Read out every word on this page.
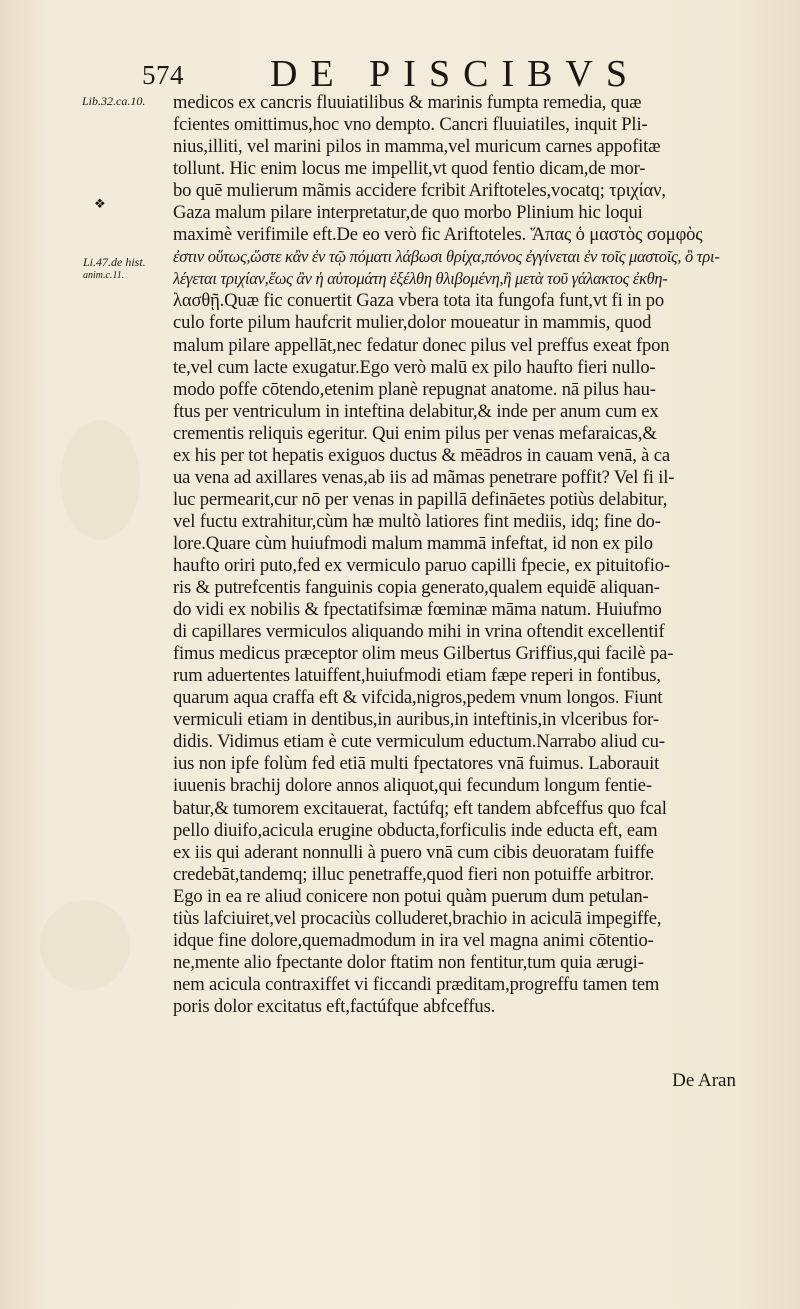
574 DE PISCIBVS
Lib.32.ca.10.
❖
Li.47.de hist.
anim.c.11.
medicos ex cancris fluuiatilibus & marinis fumpta remedia, quæ
fcientes omittimus,hoc vno dempto. Cancri fluuiatiles, inquit Pli-
nius,illiti, vel marini pilos in mamma,vel muricum carnes appofitæ
tollunt. Hic enim locus me impellit,vt quod fentio dicam,de mor-
bo quē mulierum mãmis accidere fcribit Ariftoteles,vocatq; τριχίαν,
Gaza malum pilare interpretatur,de quo morbo Plinium hic loqui
maximè verifimile eft.De eo verò fic Ariftoteles. Ἅπας ὁ μαστὸς σομφὸς
ἐστιν οὕτως,ὥστε κἂν ἐν τῷ πόματι λάβωσι θρίχα,πόνος ἐγγίνεται ἐν τοῖς μαστοῖς, ὃ τρι-
λέγεται τριχίαν,ἕως ἂν ἡ αὐτομάτη ἐξέλθη θλιβομένη,ἢ μετὰ τοῦ γάλακτος ἐκθη-
λασθῇ.Quæ fic conuertit Gaza vbera tota ita fungofa funt,vt fi in po
culo forte pilum haufcrit mulier,dolor moueatur in mammis, quod
malum pilare appellāt,nec fedatur donec pilus vel preffus exeat fpon
te,vel cum lacte exugatur.Ego verò malū ex pilo haufto fieri nullo-
modo poffe cōtendo,etenim planè repugnat anatome. nā pilus hau-
ftus per ventriculum in inteftina delabitur,& inde per anum cum ex
crementis reliquis egeritur. Qui enim pilus per venas mefaraicas,&
ex his per tot hepatis exiguos ductus & mēādros in cauam venā, à ca
ua vena ad axillares venas,ab iis ad mãmas penetrare poffit? Vel fi il-
luc permearit,cur nō per venas in papillā defināetes potiùs delabitur,
vel fuctu extrahitur,cùm hæ multò latiores fint mediis, idq; fine do-
lore.Quare cùm huiufmodi malum mammā infeftat, id non ex pilo
haufto oriri puto,fed ex vermiculo paruo capilli fpecie, ex pituitofio-
ris & putrefcentis fanguinis copia generato,qualem equidē aliquan-
do vidi ex nobilis & fpectatifsimæ fœminæ māma natum. Huiufmo
di capillares vermiculos aliquando mihi in vrina oftendit excellentif
fimus medicus præceptor olim meus Gilbertus Griffius,qui facilè pa-
rum aduertentes latuiffent,huiufmodi etiam fæpe reperi in fontibus,
quarum aqua craffa eft & vifcida,nigros,pedem vnum longos. Fiunt
vermiculi etiam in dentibus,in auribus,in inteftinis,in vlceribus for-
didis. Vidimus etiam è cute vermiculum eductum.Narrabo aliud cu-
ius non ipfe folùm fed etiā multi fpectatores vnā fuimus. Laborauit
iuuenis brachij dolore annos aliquot,qui fecundum longum fentie-
batur,& tumorem excitauerat, factúfq; eft tandem abfceffus quo fcal
pello diuifo,acicula erugine obducta,forficulis inde educta eft, eam
ex iis qui aderant nonnulli à puero vnā cum cibis deuoratam fuiffe
credebāt,tandemq; illuc penetraffe,quod fieri non potuiffe arbitror.
Ego in ea re aliud conicere non potui quàm puerum dum petulan-
tiùs lafciuiret,vel procaciùs colluderet,brachio in aciculā impegiffe,
idque fine dolore,quemadmodum in ira vel magna animi cōtentio-
ne,mente alio fpectante dolor ftatim non fentitur,tum quia ærugi-
nem acicula contraxiffet vi ficcandi præditam,progreffu tamen tem
poris dolor excitatus eft,factúfque abfceffus.
De Aran
